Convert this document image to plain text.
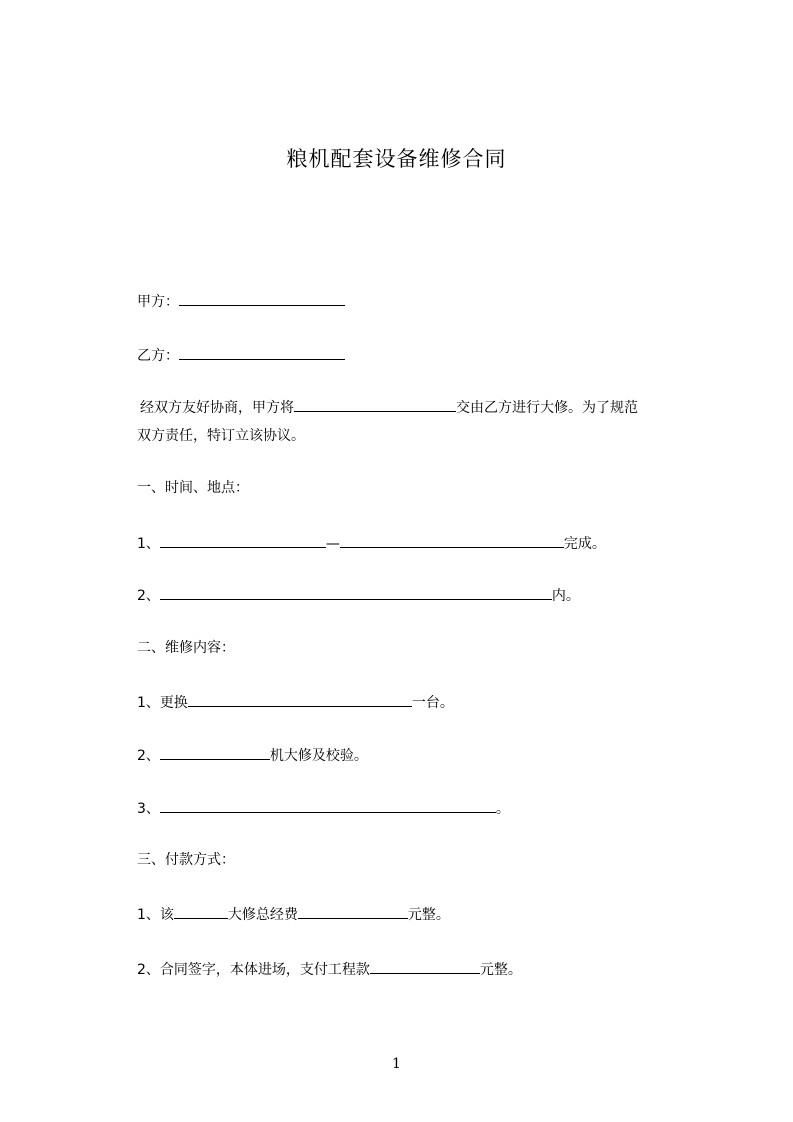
粮机配套设备维修合同
甲方：
乙方：
经双方友好协商，甲方将	交由乙方进行大修。为了规范
双方责任，特订立该协议。
一、时间、地点：
1、	—	完成。
2、	内。
二、维修内容：
1、更换	一台。
2、	机大修及校验。
3、	。
三、付款方式：
1、该	大修总经费	元整。
2、合同签字，本体进场，支付工程款	元整。
1
